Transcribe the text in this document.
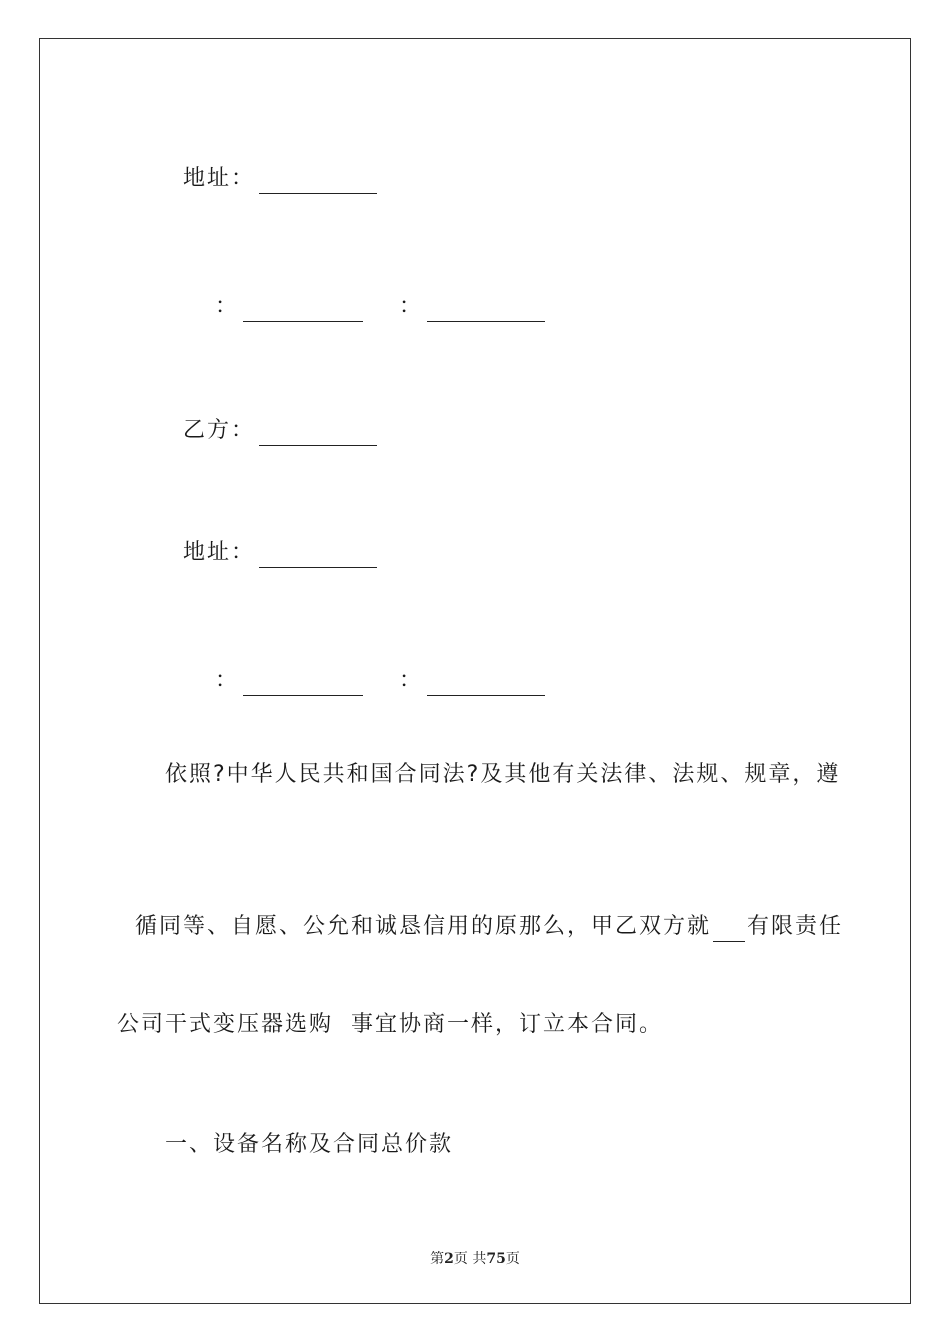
地址：

：	：

乙方：

地址：

：	：

依照?中华人民共和国合同法?及其他有关法律、法规、规章，遵

循同等、自愿、公允和诚恳信用的原那么，甲乙双方就 有限责任

公司干式变压器选购  事宜协商一样，订立本合同。
一、设备名称及合同总价款
第2页 共75页
